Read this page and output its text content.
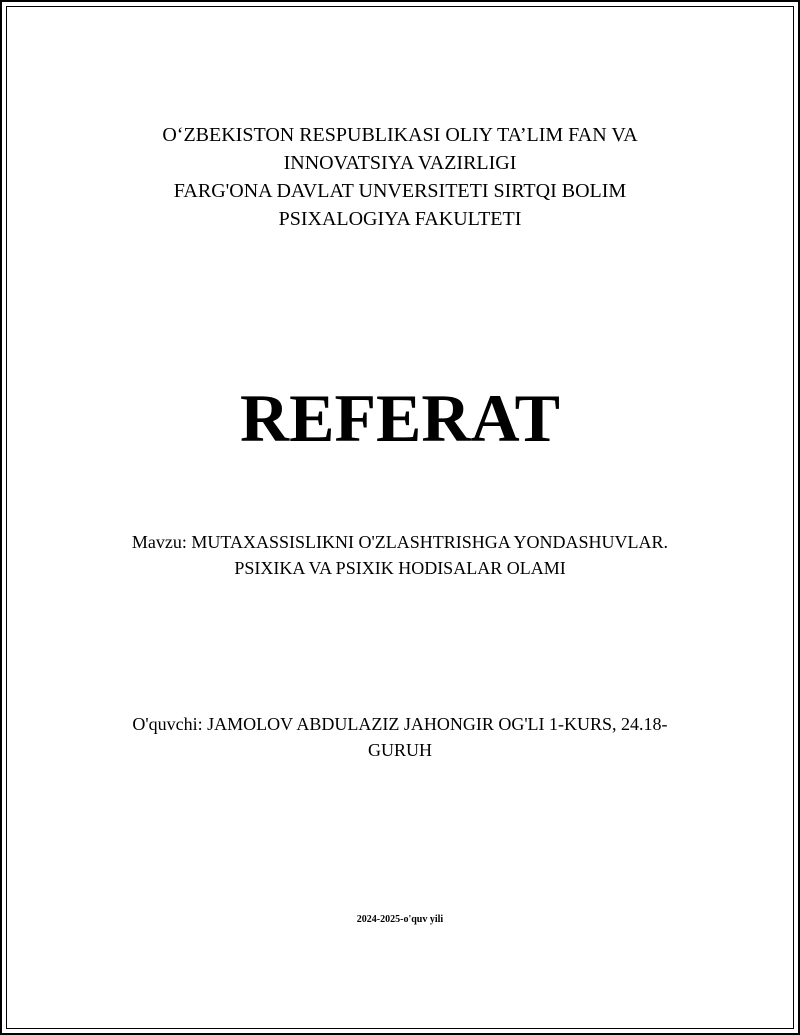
O‘ZBEKISTON RESPUBLIKASI OLIY TA’LIM FAN VA
INNOVATSIYA VAZIRLIGI
FARG'ONA DAVLAT UNVERSITETI SIRTQI BOLIM
PSIXALOGIYA FAKULTETI
REFERAT
Mavzu: MUTAXASSISLIKNI O'ZLASHTRISHGA YONDASHUVLAR.
PSIXIKA VA PSIXIK HODISALAR OLAMI
O'quvchi: JAMOLOV ABDULAZIZ JAHONGIR OG'LI 1-KURS, 24.18-
GURUH
2024-2025-o'quv yili
